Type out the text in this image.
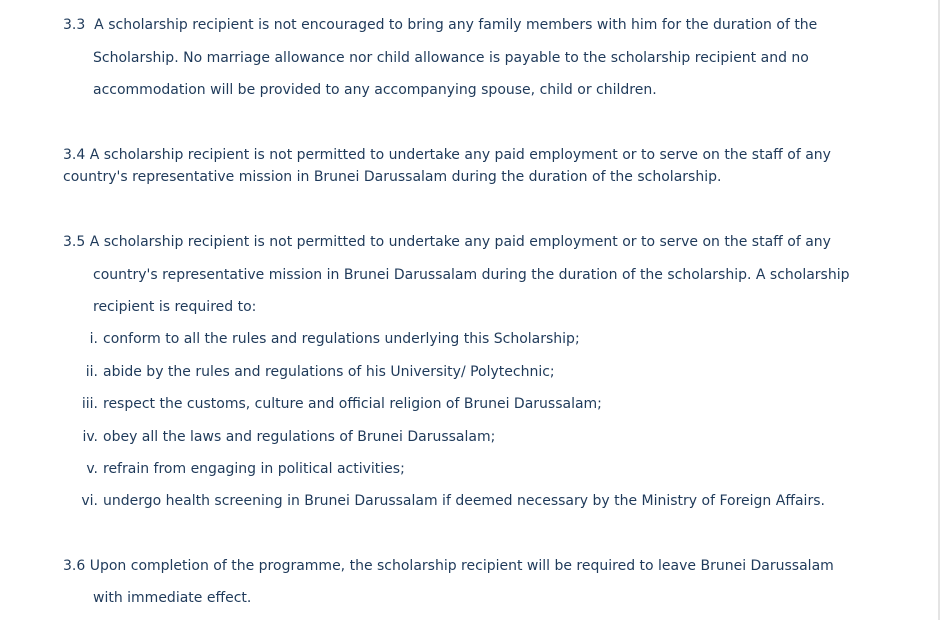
3.3 A scholarship recipient is not encouraged to bring any family members with him for the duration of the
Scholarship. No marriage allowance nor child allowance is payable to the scholarship recipient and no
accommodation will be provided to any accompanying spouse, child or children.
3.4 A scholarship recipient is not permitted to undertake any paid employment or to serve on the staff of any
country's representative mission in Brunei Darussalam during the duration of the scholarship.
3.5 A scholarship recipient is not permitted to undertake any paid employment or to serve on the staff of any
country's representative mission in Brunei Darussalam during the duration of the scholarship. A scholarship
recipient is required to:
i. conform to all the rules and regulations underlying this Scholarship;
ii. abide by the rules and regulations of his University/ Polytechnic;
iii. respect the customs, culture and official religion of Brunei Darussalam;
iv. obey all the laws and regulations of Brunei Darussalam;
v. refrain from engaging in political activities;
vi. undergo health screening in Brunei Darussalam if deemed necessary by the Ministry of Foreign Affairs.
3.6 Upon completion of the programme, the scholarship recipient will be required to leave Brunei Darussalam
with immediate effect.
